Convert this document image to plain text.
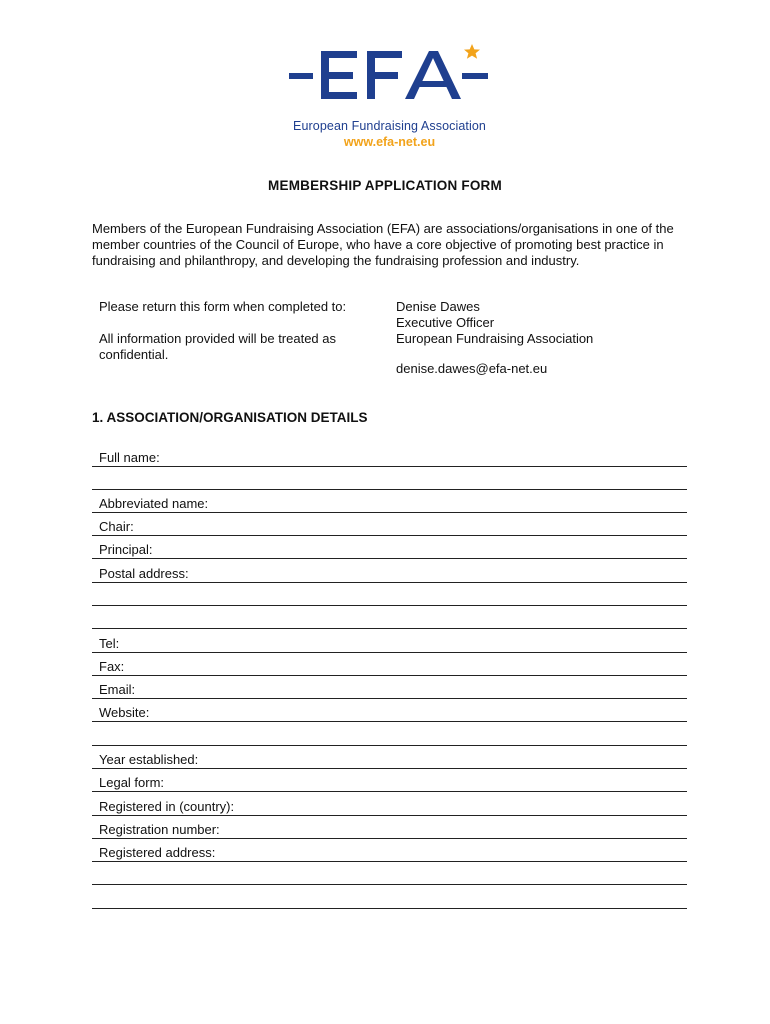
European Fundraising Association
www.efa-net.eu
MEMBERSHIP APPLICATION FORM
Members of the European Fundraising Association (EFA) are associations/organisations in one of the member countries of the Council of Europe, who have a core objective of promoting best practice in fundraising and philanthropy, and developing the fundraising profession and industry.
Please return this form when completed to:
All information provided will be treated as confidential.
Denise Dawes
Executive Officer
European Fundraising Association
denise.dawes@efa-net.eu
1. ASSOCIATION/ORGANISATION DETAILS
Full name:
Abbreviated name:
Chair:
Principal:
Postal address:
Tel:
Fax:
Email:
Website:
Year established:
Legal form:
Registered in (country):
Registration number:
Registered address:
